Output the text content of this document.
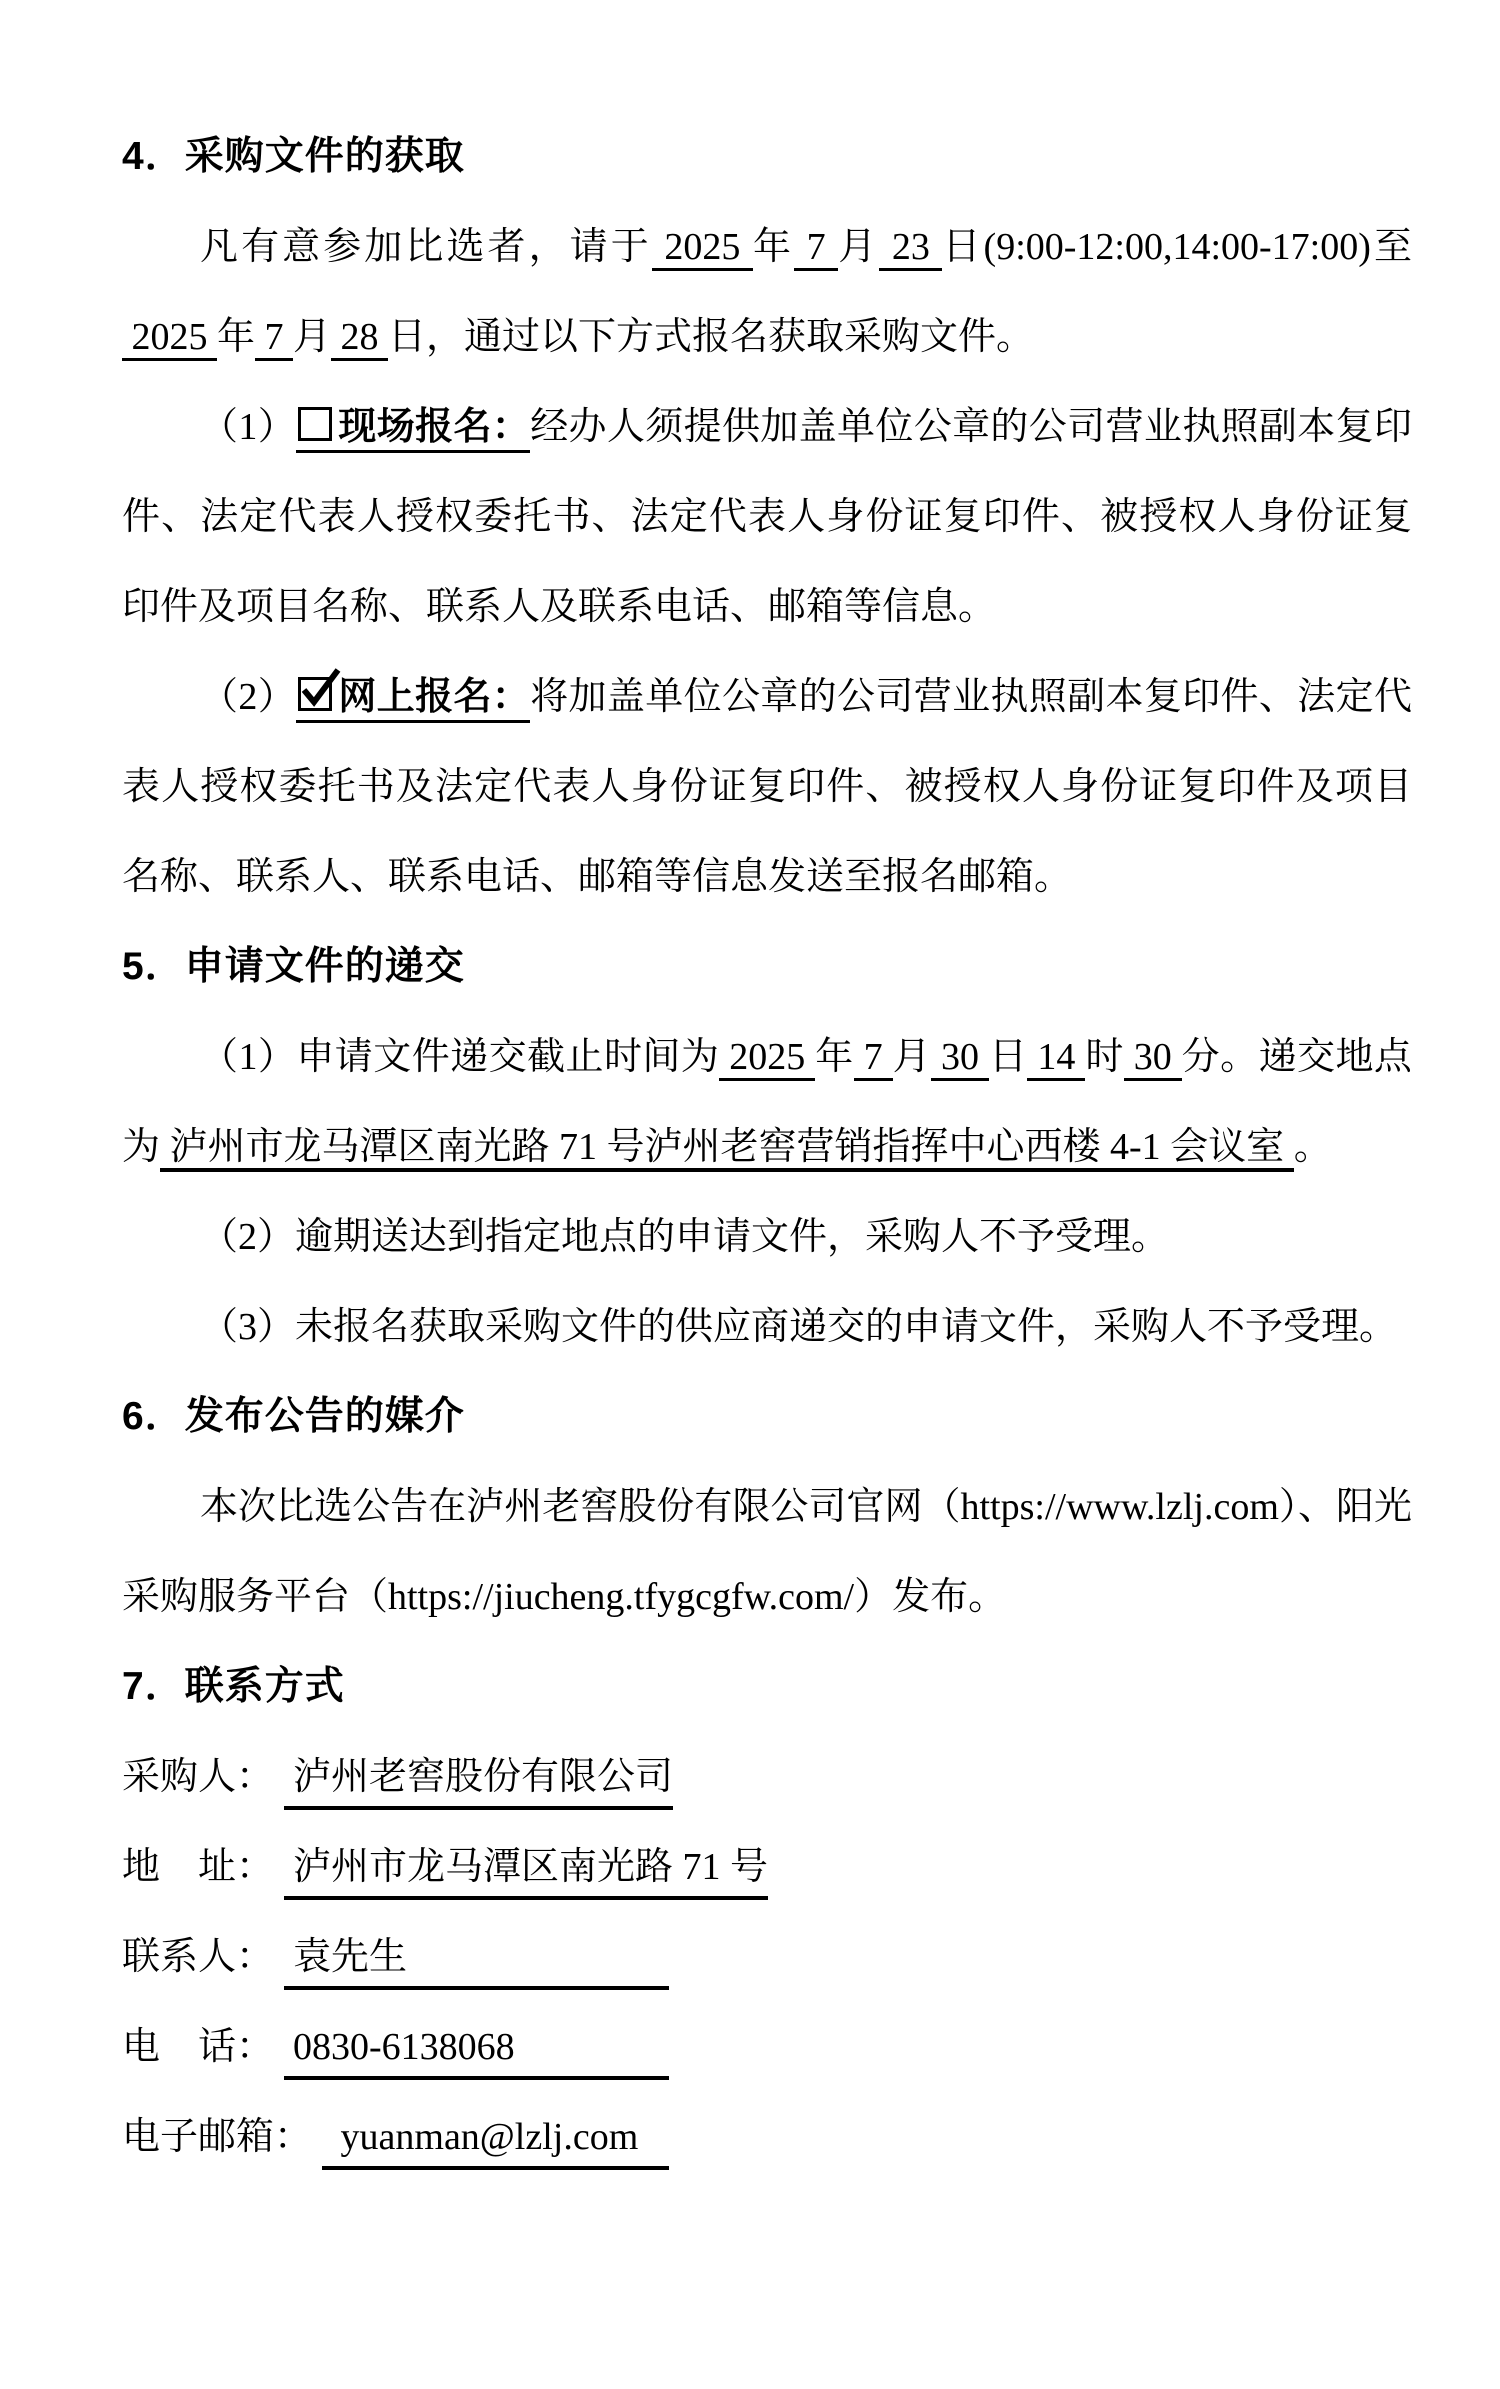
4．采购文件的获取

凡有意参加比选者，请于 2025 年 7 月 23 日(9:00-12:00,14:00-17:00)至 2025 年 7 月 28 日，通过以下方式报名获取采购文件。

（1） 现场报名：经办人须提供加盖单位公章的公司营业执照副本复印件、法定代表人授权委托书、法定代表人身份证复印件、被授权人身份证复印件及项目名称、联系人及联系电话、邮箱等信息。

（2） 网上报名：将加盖单位公章的公司营业执照副本复印件、法定代表人授权委托书及法定代表人身份证复印件、被授权人身份证复印件及项目名称、联系人、联系电话、邮箱等信息发送至报名邮箱。

5．申请文件的递交

（1）申请文件递交截止时间为 2025 年 7 月 30 日 14 时 30 分。递交地点为 泸州市龙马潭区南光路 71 号泸州老窖营销指挥中心西楼 4-1 会议室 。

（2）逾期送达到指定地点的申请文件，采购人不予受理。

（3）未报名获取采购文件的供应商递交的申请文件，采购人不予受理。

6．发布公告的媒介

本次比选公告在泸州老窖股份有限公司官网（https://www.lzlj.com）、阳光采购服务平台（https://jiucheng.tfygcgfw.com/）发布。

7．联系方式
采购人：  泸州老窖股份有限公司
地　址：  泸州市龙马潭区南光路 71 号
联系人：  袁先生
电　话：  0830-6138068
电子邮箱：   yuanman@lzlj.com
